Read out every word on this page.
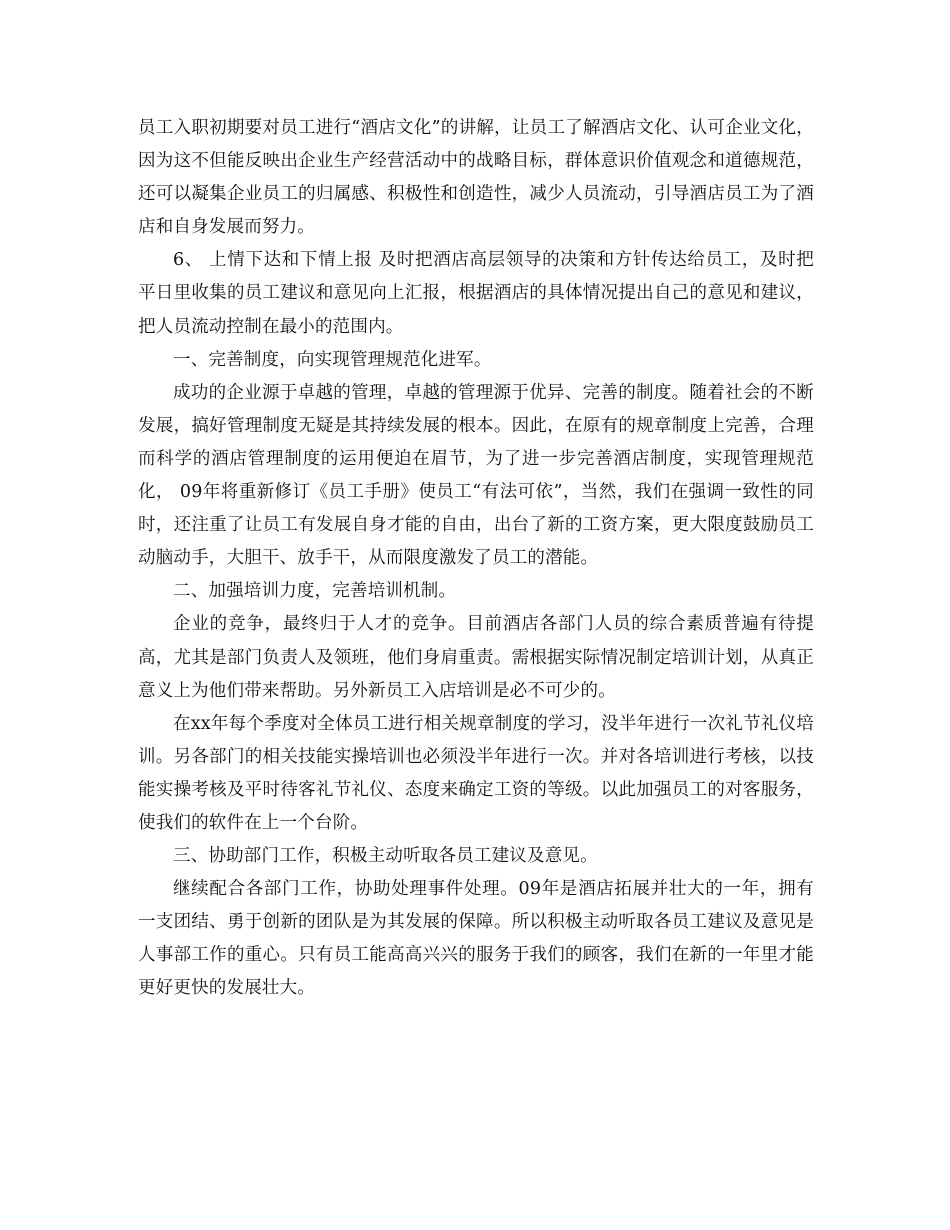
员工入职初期要对员工进行“酒店文化”的讲解，让员工了解酒店文化、认可企业文化，因为这不但能反映出企业生产经营活动中的战略目标，群体意识价值观念和道德规范，还可以凝集企业员工的归属感、积极性和创造性，减少人员流动，引导酒店员工为了酒店和自身发展而努力。

6、 上情下达和下情上报 及时把酒店高层领导的决策和方针传达给员工，及时把平日里收集的员工建议和意见向上汇报，根据酒店的具体情况提出自己的意见和建议，把人员流动控制在最小的范围内。

一、完善制度，向实现管理规范化进军。

成功的企业源于卓越的管理，卓越的管理源于优异、完善的制度。随着社会的不断发展，搞好管理制度无疑是其持续发展的根本。因此，在原有的规章制度上完善，合理而科学的酒店管理制度的运用便迫在眉节，为了进一步完善酒店制度，实现管理规范化， 09年将重新修订《员工手册》使员工“有法可依”，当然，我们在强调一致性的同时，还注重了让员工有发展自身才能的自由，出台了新的工资方案，更大限度鼓励员工动脑动手，大胆干、放手干，从而限度激发了员工的潜能。

二、加强培训力度，完善培训机制。

企业的竞争，最终归于人才的竞争。目前酒店各部门人员的综合素质普遍有待提高，尤其是部门负责人及领班，他们身肩重责。需根据实际情况制定培训计划，从真正意义上为他们带来帮助。另外新员工入店培训是必不可少的。

在xx年每个季度对全体员工进行相关规章制度的学习，没半年进行一次礼节礼仪培训。另各部门的相关技能实操培训也必须没半年进行一次。并对各培训进行考核，以技能实操考核及平时待客礼节礼仪、态度来确定工资的等级。以此加强员工的对客服务，使我们的软件在上一个台阶。

三、协助部门工作，积极主动听取各员工建议及意见。

继续配合各部门工作，协助处理事件处理。09年是酒店拓展并壮大的一年，拥有一支团结、勇于创新的团队是为其发展的保障。所以积极主动听取各员工建议及意见是人事部工作的重心。只有员工能高高兴兴的服务于我们的顾客，我们在新的一年里才能更好更快的发展壮大。
